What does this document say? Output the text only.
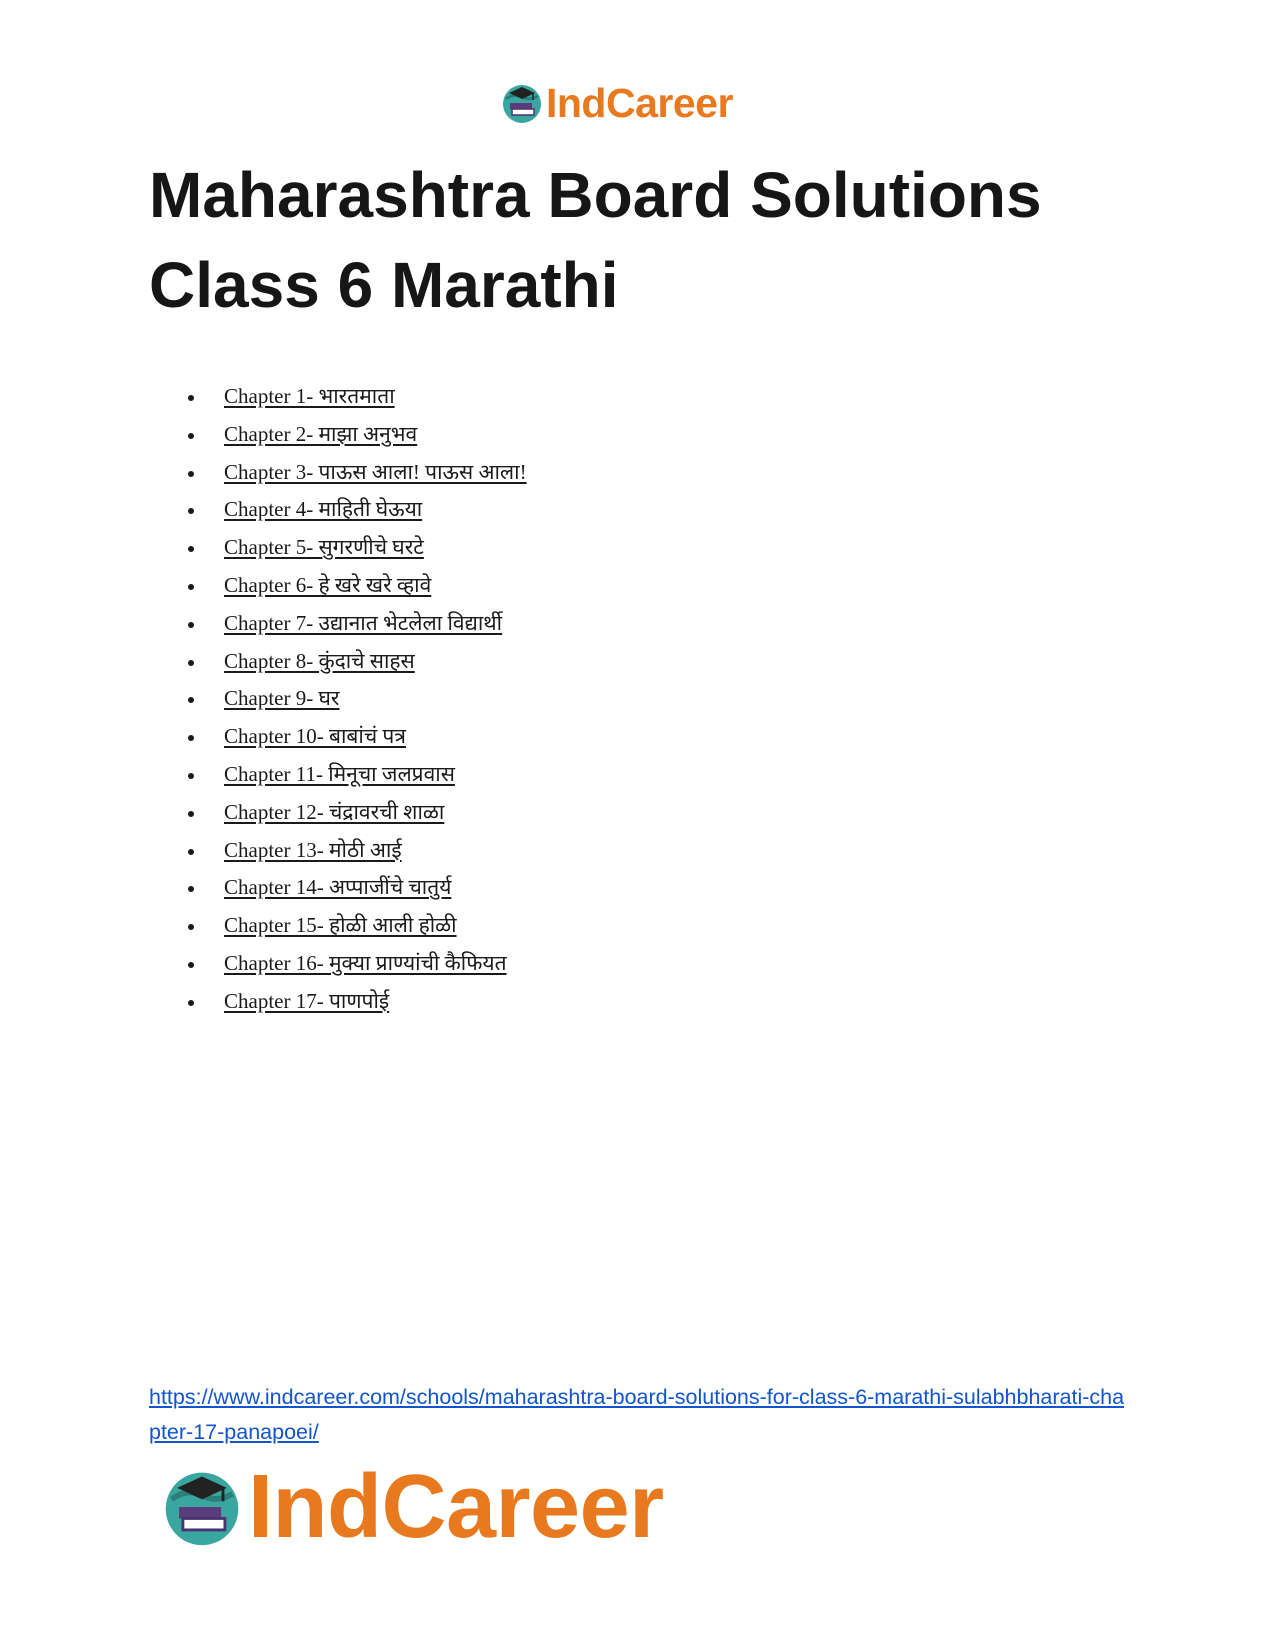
IndCareer
Maharashtra Board Solutions
Class 6 Marathi
Chapter 1- भारतमाता
Chapter 2- माझा अनुभव
Chapter 3- पाऊस आला! पाऊस आला!
Chapter 4- माहिती घेऊया
Chapter 5- सुगरणीचे घरटे
Chapter 6- हे खरे खरे व्हावे
Chapter 7- उद्यानात भेटलेला विद्यार्थी
Chapter 8- कुंदाचे साहस
Chapter 9- घर
Chapter 10- बाबांचं पत्र
Chapter 11- मिनूचा जलप्रवास
Chapter 12- चंद्रावरची शाळा
Chapter 13- मोठी आई
Chapter 14- अप्पाजींचे चातुर्य
Chapter 15- होळी आली होळी
Chapter 16- मुक्या प्राण्यांची कैफियत
Chapter 17- पाणपोई
https://www.indcareer.com/schools/maharashtra-board-solutions-for-class-6-marathi-sulabhbharati-chapter-17-panapoei/
IndCareer
